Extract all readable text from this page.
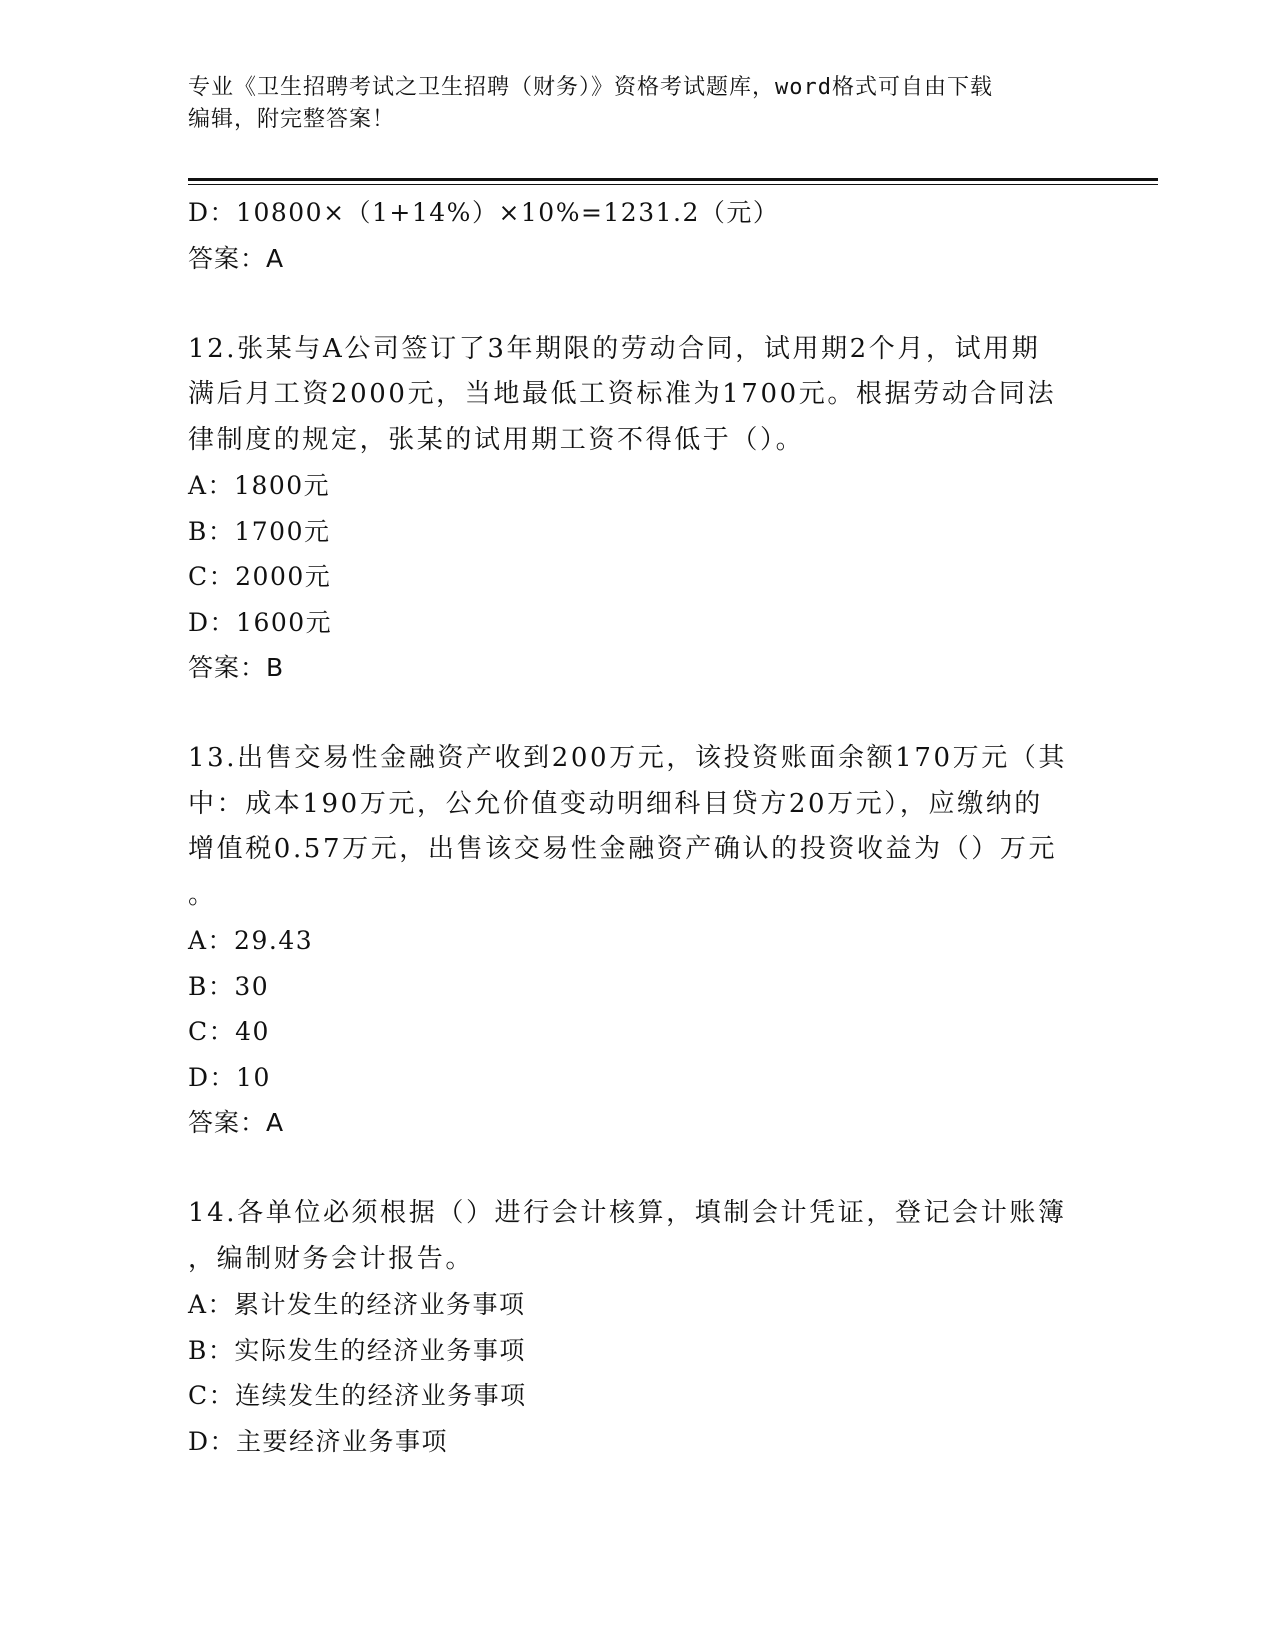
专业《卫生招聘考试之卫生招聘（财务）》资格考试题库，word格式可自由下载
编辑，附完整答案！
D：10800×（1+14%）×10%=1231.2（元）
答案：A
12.张某与A公司签订了3年期限的劳动合同，试用期2个月，试用期
满后月工资2000元，当地最低工资标准为1700元。根据劳动合同法
律制度的规定，张某的试用期工资不得低于（）。
A：1800元
B：1700元
C：2000元
D：1600元
答案：B
13.出售交易性金融资产收到200万元，该投资账面余额170万元（其
中：成本190万元，公允价值变动明细科目贷方20万元），应缴纳的
增值税0.57万元，出售该交易性金融资产确认的投资收益为（）万元
。
A：29.43
B：30
C：40
D：10
答案：A
14.各单位必须根据（）进行会计核算，填制会计凭证，登记会计账簿
，编制财务会计报告。
A：累计发生的经济业务事项
B：实际发生的经济业务事项
C：连续发生的经济业务事项
D：主要经济业务事项
